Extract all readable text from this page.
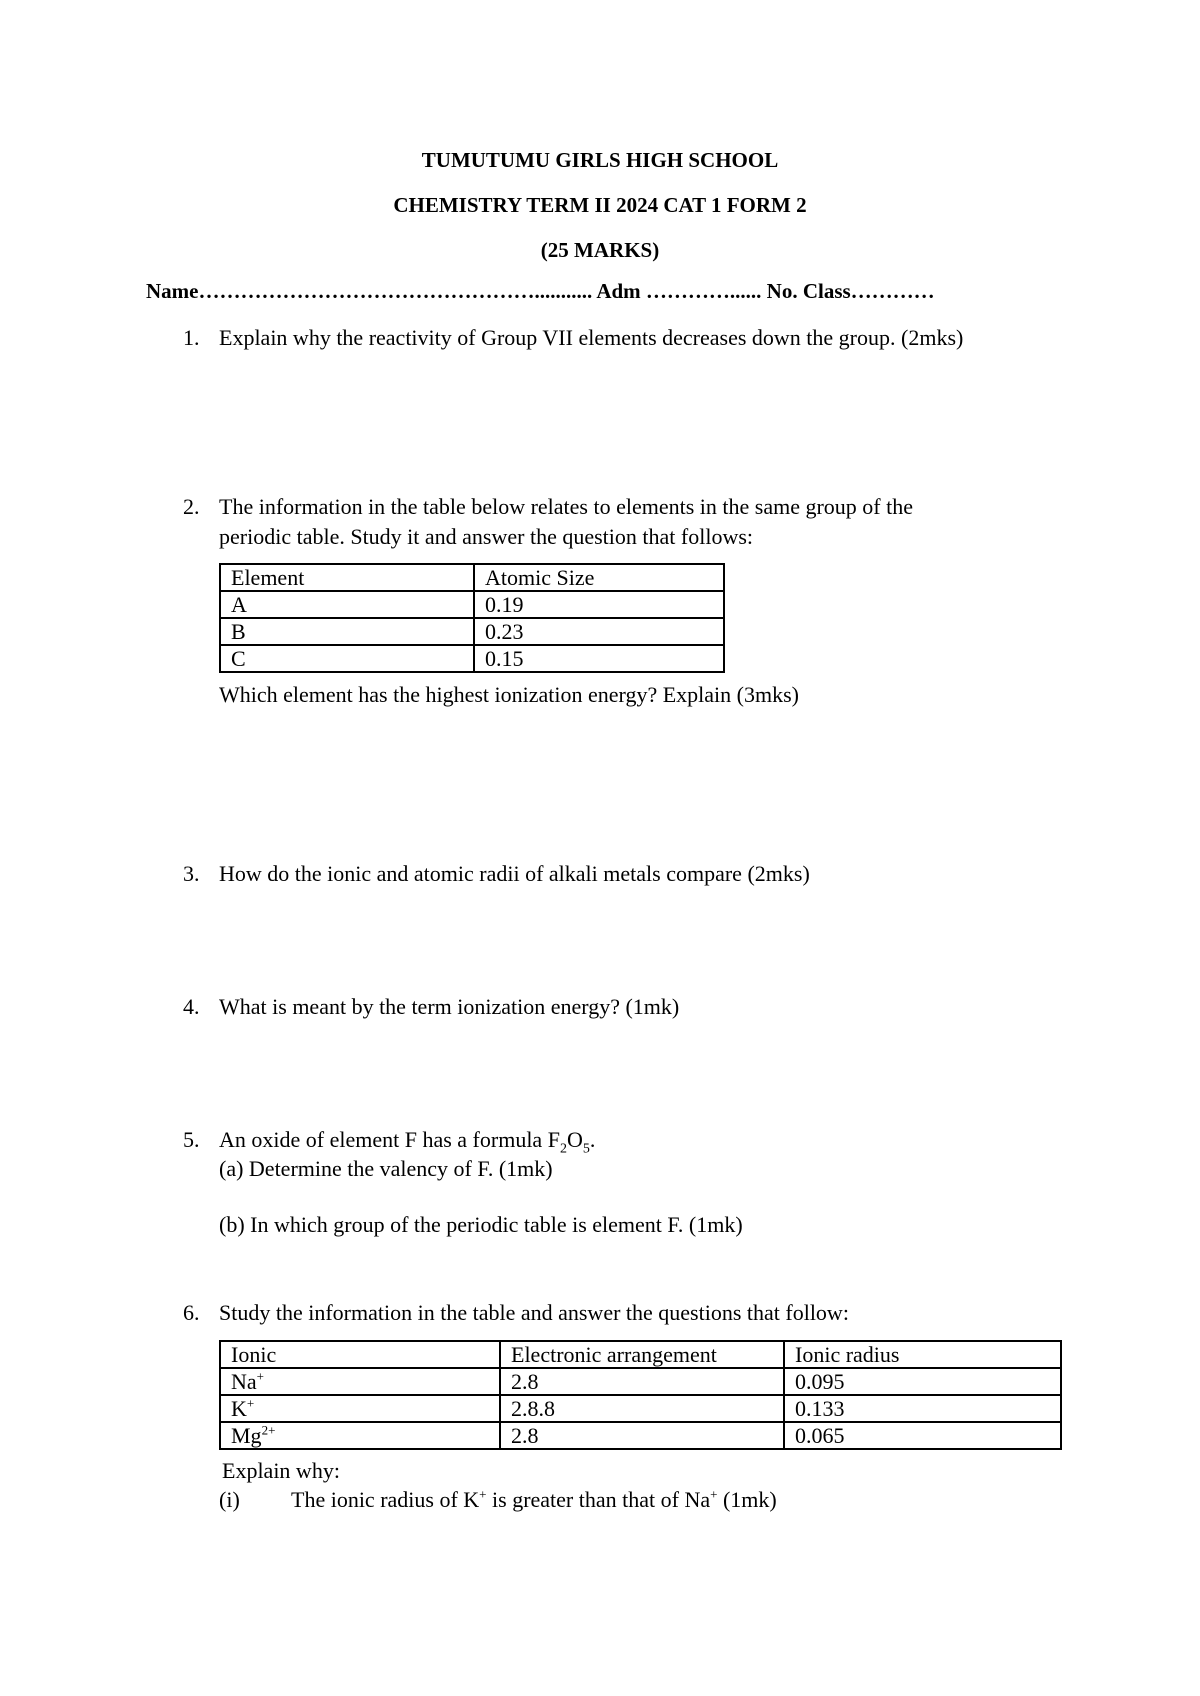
TUMUTUMU GIRLS HIGH SCHOOL
CHEMISTRY TERM II 2024 CAT 1 FORM 2
(25 MARKS)
Name…………………………………………........... Adm …………...... No. Class…………
1. Explain why the reactivity of Group VII elements decreases down the group. (2mks)
2. The information in the table below relates to elements in the same group of the
periodic table. Study it and answer the question that follows:
Element	Atomic Size
A	0.19
B	0.23
C	0.15
Which element has the highest ionization energy? Explain (3mks)
3. How do the ionic and atomic radii of alkali metals compare (2mks)
4. What is meant by the term ionization energy? (1mk)
5. An oxide of element F has a formula $F_2O_5$.
(a) Determine the valency of F. (1mk)
(b) In which group of the periodic table is element F. (1mk)
6. Study the information in the table and answer the questions that follow:
Ionic	Electronic arrangement	Ionic radius
Na+	2.8	0.095
K+	2.8.8	0.133
$Mg^{2+}$	2.8	0.065
Explain why:
(i) The ionic radius of K+ is greater than that of Na+ (1mk)
